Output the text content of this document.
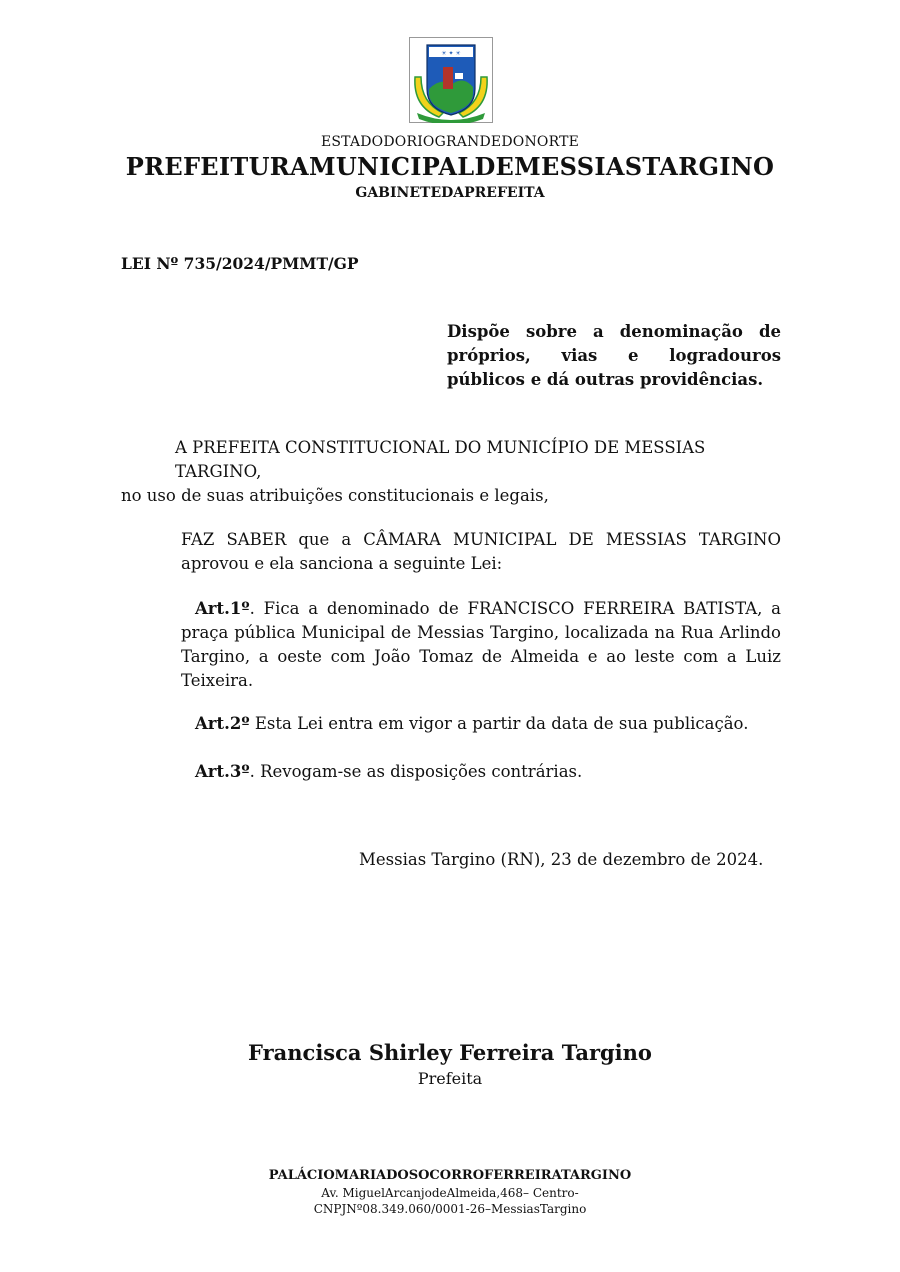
☀ ✦ ☀
ESTADODORIOGRANDEDONORTE
PREFEITURAMUNICIPALDEMESSIASTARGINO
GABINETEDAPREFEITA
LEI Nº 735/2024/PMMT/GP
Dispõe sobre a denominação de próprios, vias e logradouros públicos e dá outras providências.
A PREFEITA CONSTITUCIONAL DO MUNICÍPIO DE MESSIAS TARGINO,
no uso de suas atribuições constitucionais e legais,
FAZ SABER que a CÂMARA MUNICIPAL DE MESSIAS TARGINO aprovou e ela sanciona a seguinte Lei:
Art.1º. Fica a denominado de FRANCISCO FERREIRA BATISTA, a praça pública Municipal de Messias Targino, localizada na Rua Arlindo Targino, a oeste com João Tomaz de Almeida e ao leste com a Luiz Teixeira.
Art.2º Esta Lei entra em vigor a partir da data de sua publicação.
Art.3º. Revogam-se as disposições contrárias.
Messias Targino (RN), 23 de dezembro de 2024.
Francisca Shirley Ferreira Targino
Prefeita
PALÁCIOMARIADOSOCORROFERREIRATARGINO
Av. MiguelArcanjodeAlmeida,468– Centro-
CNPJNº08.349.060/0001-26–MessiasTargino
